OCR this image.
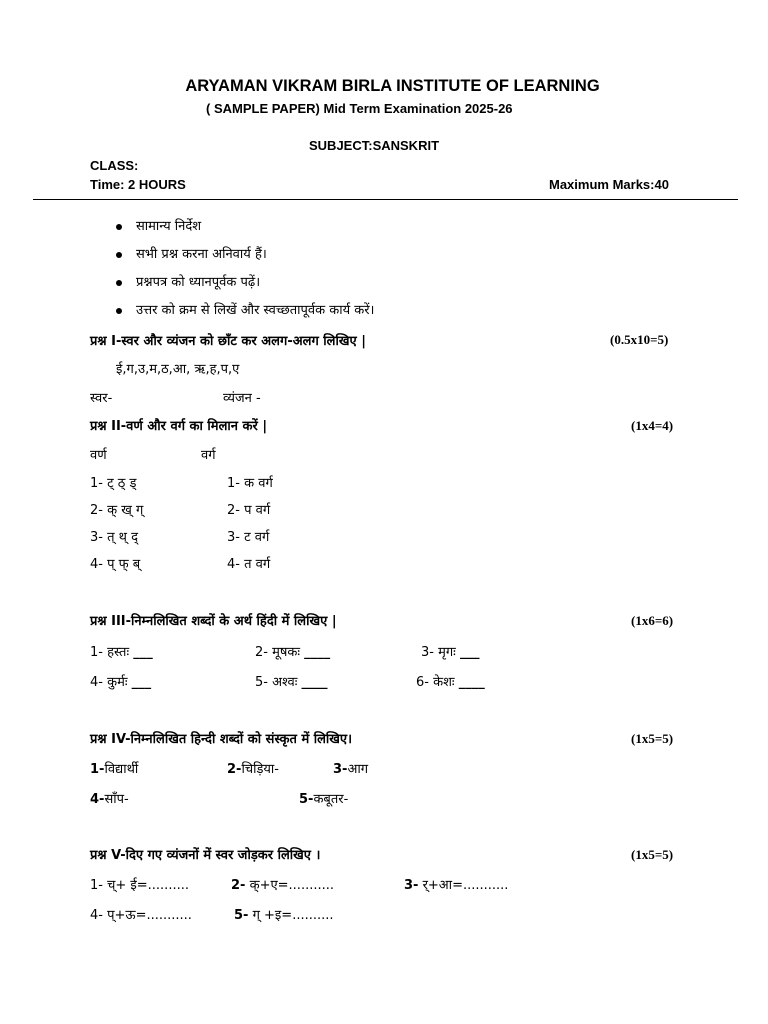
ARYAMAN VIKRAM BIRLA INSTITUTE OF LEARNING
( SAMPLE PAPER) Mid Term Examination 2025-26
SUBJECT:SANSKRIT
CLASS:
Time: 2 HOURS	Maximum Marks:40
सामान्य निर्देश
सभी प्रश्न करना अनिवार्य हैं।
प्रश्नपत्र को ध्यानपूर्वक पढ़ें।
उत्तर को क्रम से लिखें और स्वच्छतापूर्वक कार्य करें।
प्रश्न I-स्वर और व्यंजन को छाँट कर अलग-अलग लिखिए |	(0.5x10=5)
ई,ग,उ,म,ठ,आ, ऋ,ह,प,ए
स्वर-	व्यंजन -
प्रश्न II-वर्ण और वर्ग का मिलान करें |	(1x4=4)
वर्ण	वर्ग
1- ट् ठ् ड्	1- क वर्ग
2- क् ख् ग्	2- प वर्ग
3- त् थ् द्	3- ट वर्ग
4- प् फ् ब्	4- त वर्ग
प्रश्न III-निम्नलिखित शब्दों के अर्थ हिंदी में लिखिए |	(1x6=6)
1- हस्तः ___	2- मूषकः ____	3- मृगः ___
4- कुर्मः ___	5- अश्वः ____	6- केशः ____
प्रश्न IV-निम्नलिखित हिन्दी शब्दों को संस्कृत में लिखिए।	(1x5=5)
1-विद्यार्थी	2-चिड़िया-	3-आग
4-साँप-	5-कबूतर-
प्रश्न V-दिए गए व्यंजनों में स्वर जोड़कर लिखिए ।	(1x5=5)
1- च्+ ई=..........	2- क्+ए=...........	3- र्+आ=...........
4- प्+ऊ=...........	5- ग् +इ=..........
